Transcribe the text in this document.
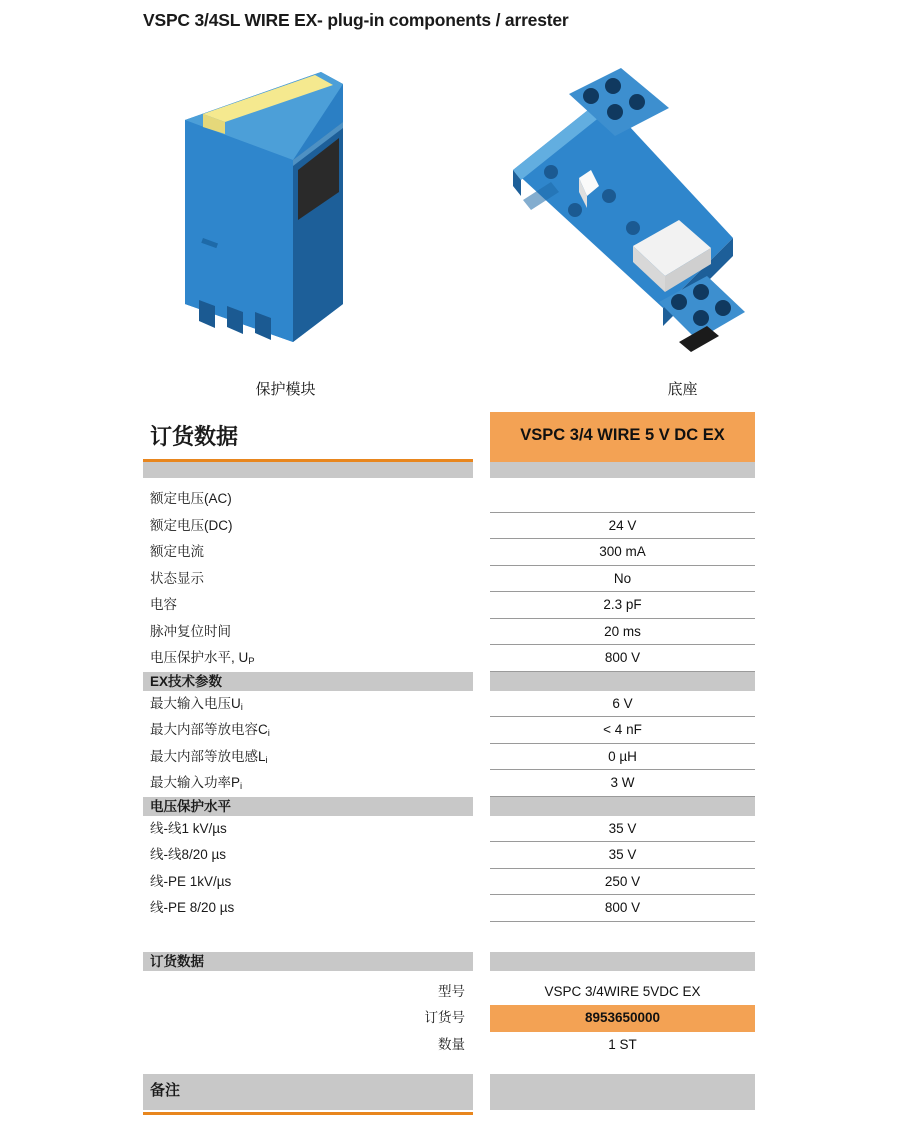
VSPC 3/4SL WIRE EX- plug-in components / arrester
保护模块	底座
订货数据	VSPC 3/4 WIRE 5 V DC EX
额定电压(AC)
额定电压(DC)	24 V
额定电流	300 mA
状态显示	No
电容	2.3 pF
脉冲复位时间	20 ms
电压保护水平, $U_P$	800 V
EX技术参数
最大输入电压$U_i$	6 V
最大内部等放电容$C_i$	< 4 nF
最大内部等放电感$L_i$	0 µH
最大输入功率$P_i$	3 W
电压保护水平
线-线1 kV/µs	35 V
线-线8/20 µs	35 V
线-PE 1kV/µs	250 V
线-PE 8/20 µs	800 V
订货数据
型号	VSPC 3/4WIRE 5VDC EX
订货号	8953650000
数量	1 ST
备注
